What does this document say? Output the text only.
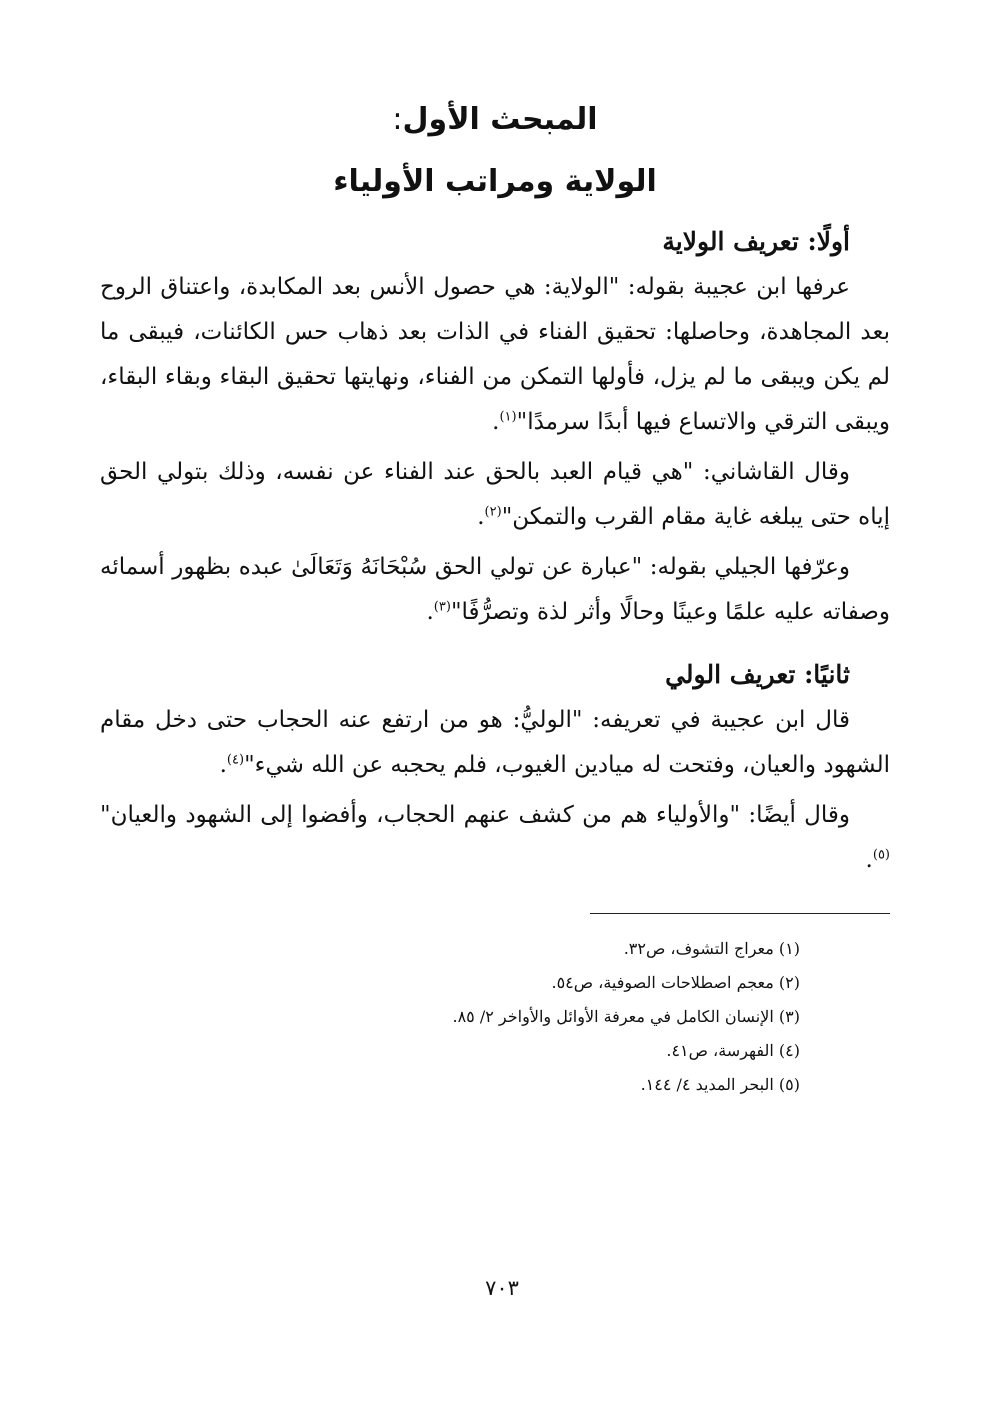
المبحث الأول:
الولاية ومراتب الأولياء
أولًا: تعريف الولاية

عرفها ابن عجيبة بقوله: "الولاية: هي حصول الأنس بعد المكابدة، واعتناق الروح بعد المجاهدة، وحاصلها: تحقيق الفناء في الذات بعد ذهاب حس الكائنات، فيبقى ما لم يكن ويبقى ما لم يزل، فأولها التمكن من الفناء، ونهايتها تحقيق البقاء وبقاء البقاء، ويبقى الترقي والاتساع فيها أبدًا سرمدًا"$^{(١)}$.

وقال القاشاني: "هي قيام العبد بالحق عند الفناء عن نفسه، وذلك بتولي الحق إياه حتى يبلغه غاية مقام القرب والتمكن"$^{(٢)}$.

وعرّفها الجيلي بقوله: "عبارة عن تولي الحق سُبْحَانَهُ وَتَعَالَىٰ عبده بظهور أسمائه وصفاته عليه علمًا وعينًا وحالًا وأثر لذة وتصرُّفًا"$^{(٣)}$.

ثانيًا: تعريف الولي

قال ابن عجيبة في تعريفه: "الوليُّ: هو من ارتفع عنه الحجاب حتى دخل مقام الشهود والعيان، وفتحت له ميادين الغيوب، فلم يحجبه عن الله شيء"$^{(٤)}$.

وقال أيضًا: "والأولياء هم من كشف عنهم الحجاب، وأفضوا إلى الشهود والعيان"$^{(٥)}$.

(١) معراج التشوف، ص٣٢.

(٢) معجم اصطلاحات الصوفية، ص٥٤.

(٣) الإنسان الكامل في معرفة الأوائل والأواخر ٢/ ٨٥.

(٤) الفهرسة، ص٤١.

(٥) البحر المديد ٤/ ١٤٤.

٧٠٣
